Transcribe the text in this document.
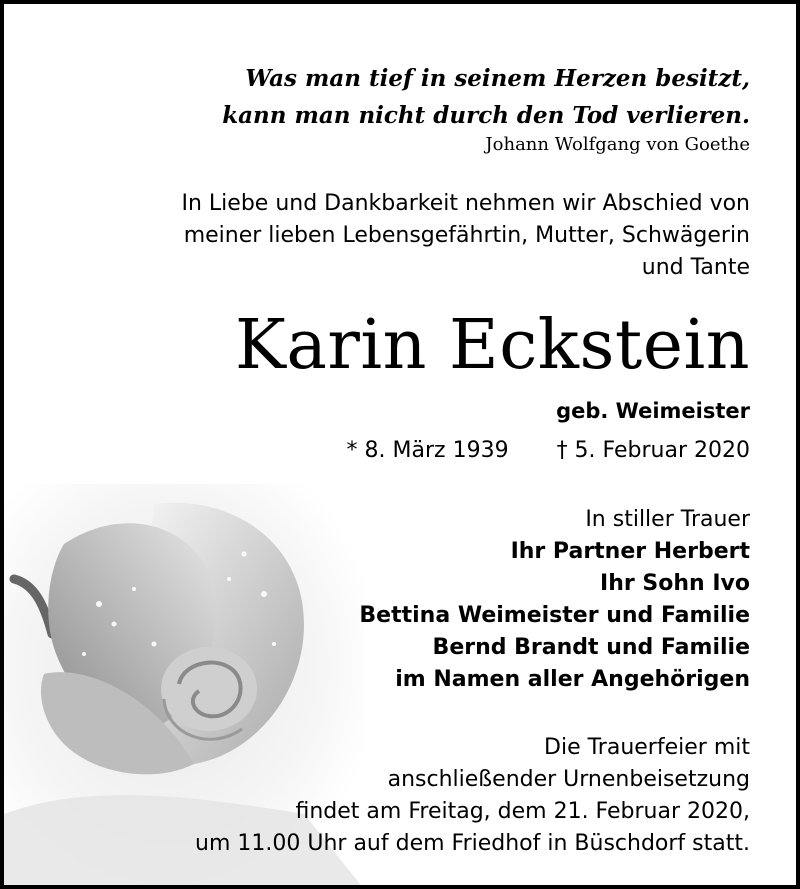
Was man tief in seinem Herzen besitzt,
kann man nicht durch den Tod verlieren.
Johann Wolfgang von Goethe
In Liebe und Dankbarkeit nehmen wir Abschied von
meiner lieben Lebensgefährtin, Mutter, Schwägerin
und Tante
Karin Eckstein
geb. Weimeister
* 8. März 1939 † 5. Februar 2020
In stiller Trauer
Ihr Partner Herbert
Ihr Sohn Ivo
Bettina Weimeister und Familie
Bernd Brandt und Familie
im Namen aller Angehörigen
Die Trauerfeier mit
anschließender Urnenbeisetzung
findet am Freitag, dem 21. Februar 2020,
um 11.00 Uhr auf dem Friedhof in Büschdorf statt.
